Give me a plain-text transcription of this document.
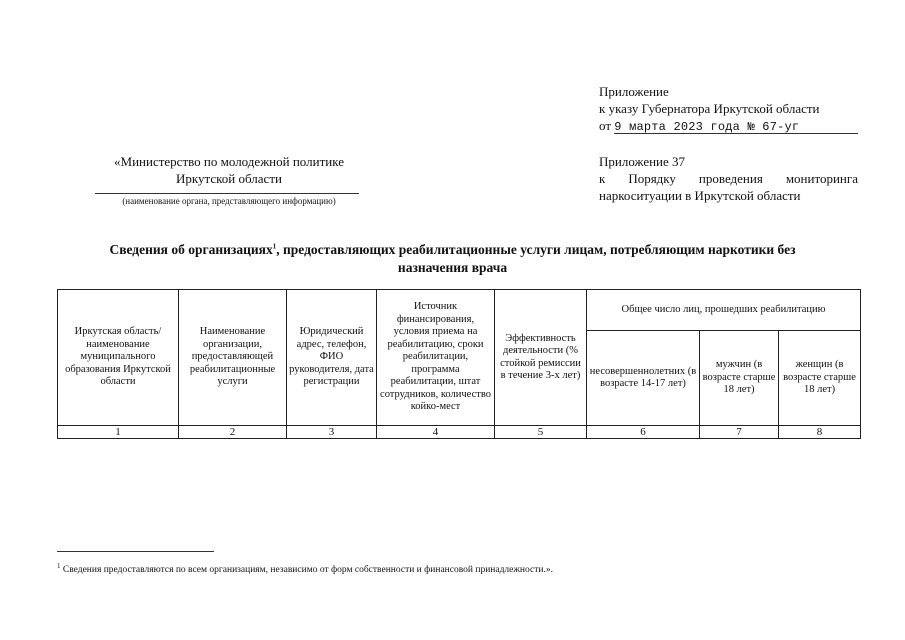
Приложение
к указу Губернатора Иркутской области
от 9 марта 2023 года № 67-уг
«Министерство по молодежной политике
Иркутской области
(наименование органа, представляющего информацию)
Приложение 37
к Порядку проведения мониторинга
наркоситуации в Иркутской области
Сведения об организациях$^1$, предоставляющих реабилитационные услуги лицам, потребляющим наркотики без
назначения врача
Иркутская область/ наименование муниципального образования Иркутской области	Наименование организации, предоставляющей реабилитационные услуги	Юридический адрес, телефон, ФИО руководителя, дата регистрации	Источник финансирования, условия приема на реабилитацию, сроки реабилитации, программа реабилитации, штат сотрудников, количество койко-мест	Эффективность деятельности (% стойкой ремиссии в течение 3-х лет)	Общее число лиц, прошедших реабилитацию		
					несовершеннолетних (в возрасте 14-17 лет)	мужчин (в возрасте старше 18 лет)	женщин (в возрасте старше 18 лет)
1	2	3	4	5	6	7	8
$^1$ Сведения предоставляются по всем организациям, независимо от форм собственности и финансовой принадлежности.».
